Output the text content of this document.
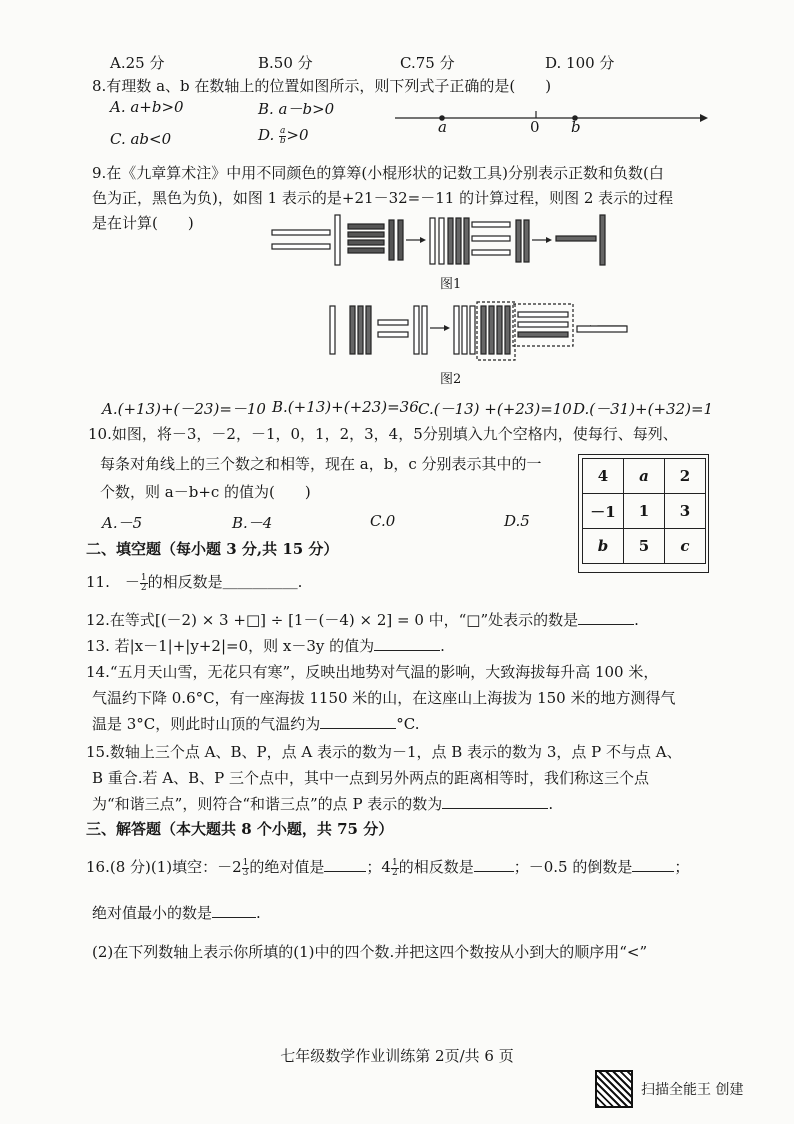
A.25 分	B.50 分	C.75 分	D. 100 分
8.有理数 a、b 在数轴上的位置如图所示，则下列式子正确的是(　　)
A. a+b>0	B. a－b>0
C. ab<0	D. $\frac{a}{b} >0$	a	0 b
9.在《九章算术注》中用不同颜色的算筹(小棍形状的记数工具)分别表示正数和负数(白
色为正，黑色为负)，如图 1 表示的是+21－32=－11 的计算过程，则图 2 表示的过程
是在计算(　　)
图1
图2
A.(+13)+(－23)=－10 B.(+13)+(+23)=36 C.(－13) +(+23)=10 D.(－31)+(+32)=1
10.如图，将－3，－2，－1，0，1，2，3，4，5分别填入九个空格内，使每行、每列、
每条对角线上的三个数之和相等，现在 a，b，c 分别表示其中的一
个数，则 a－b+c 的值为(　　)
A.－5	B.－4	C.0	D.5
4	a	2
－1	1	3
b	5	c
二、填空题（每小题 3 分,共 15 分）
11.　－ $\frac{1}{2}$ 的相反数是＿＿＿＿＿.
12.在等式[(－2) × 3 +□] ÷ [1－(－4) × 2] = 0 中，“□”处表示的数是	.
13. 若|x－1|+|y+2|=0，则 x－3y 的值为	.
14.“五月天山雪，无花只有寒”，反映出地势对气温的影响，大致海拔每升高 100 米，
气温约下降 0.6°C，有一座海拔 1150 米的山，在这座山上海拔为 150 米的地方测得气
温是 3°C，则此时山顶的气温约为	°C.
15.数轴上三个点 A、B、P，点 A 表示的数为－1，点 B 表示的数为 3，点 P 不与点 A、
B 重合.若 A、B、P 三个点中，其中一点到另外两点的距离相等时，我们称这三个点
为“和谐三点”，则符合“和谐三点”的点 P 表示的数为	.
三、解答题（本大题共 8 个小题，共 75 分）
16.(8 分)(1)填空：$-2 \frac{1}{3}$ 的绝对值是	；$4 \frac{1}{2}$ 的相反数是	；－0.5 的倒数是	；
绝对值最小的数是	.
(2)在下列数轴上表示你所填的(1)中的四个数.并把这四个数按从小到大的顺序用“<”
七年级数学作业训练第 2页/共 6 页
扫描全能王 创建
